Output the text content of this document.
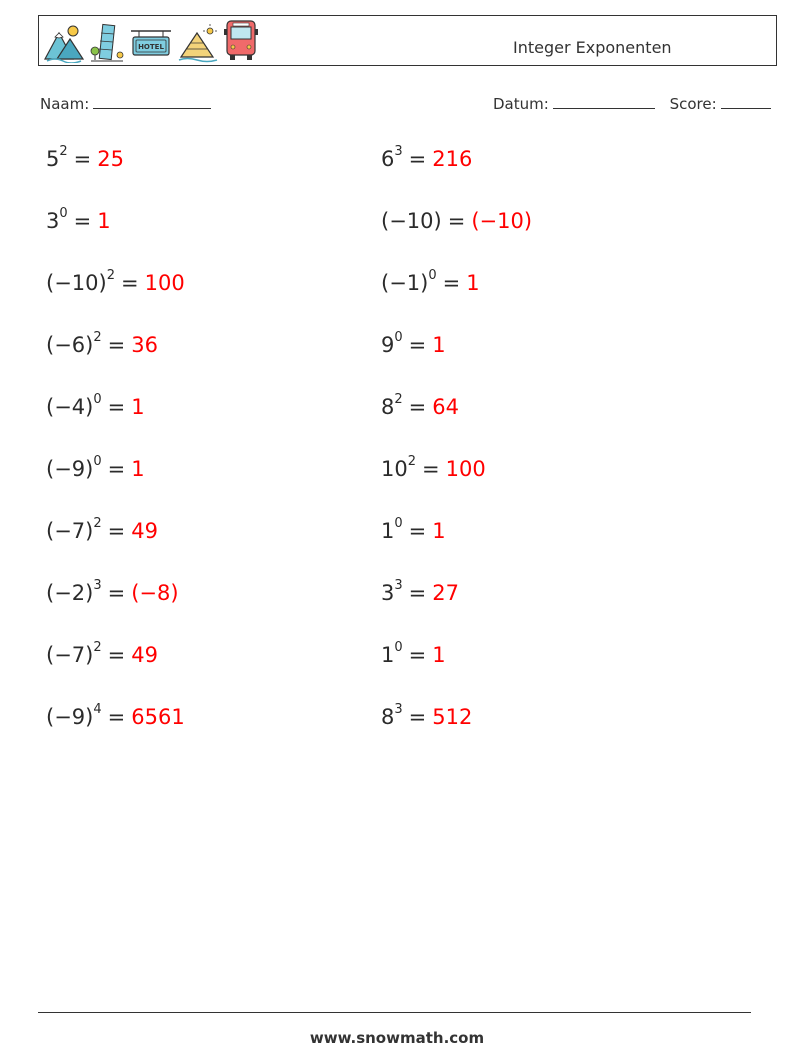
HOTEL	Integer Exponenten
Naam:	Datum:	Score:
$5^2 = 25$	$6^3 = 216$
$3^0 = 1$	(−10) = (−10)
$(-10)^2 = 100$	$(-1)^0 = 1$
$(-6)^2 = 36$	$9^0 = 1$
$(-4)^0 = 1$	$8^2 = 64$
$(-9)^0 = 1$	$10^2 = 100$
$(-7)^2 = 49$	$1^0 = 1$
$(-2)^3 = (-8)$	$3^3 = 27$
$(-7)^2 = 49$	$1^0 = 1$
$(-9)^4 = 6561$	$8^3 = 512$
www.snowmath.com
